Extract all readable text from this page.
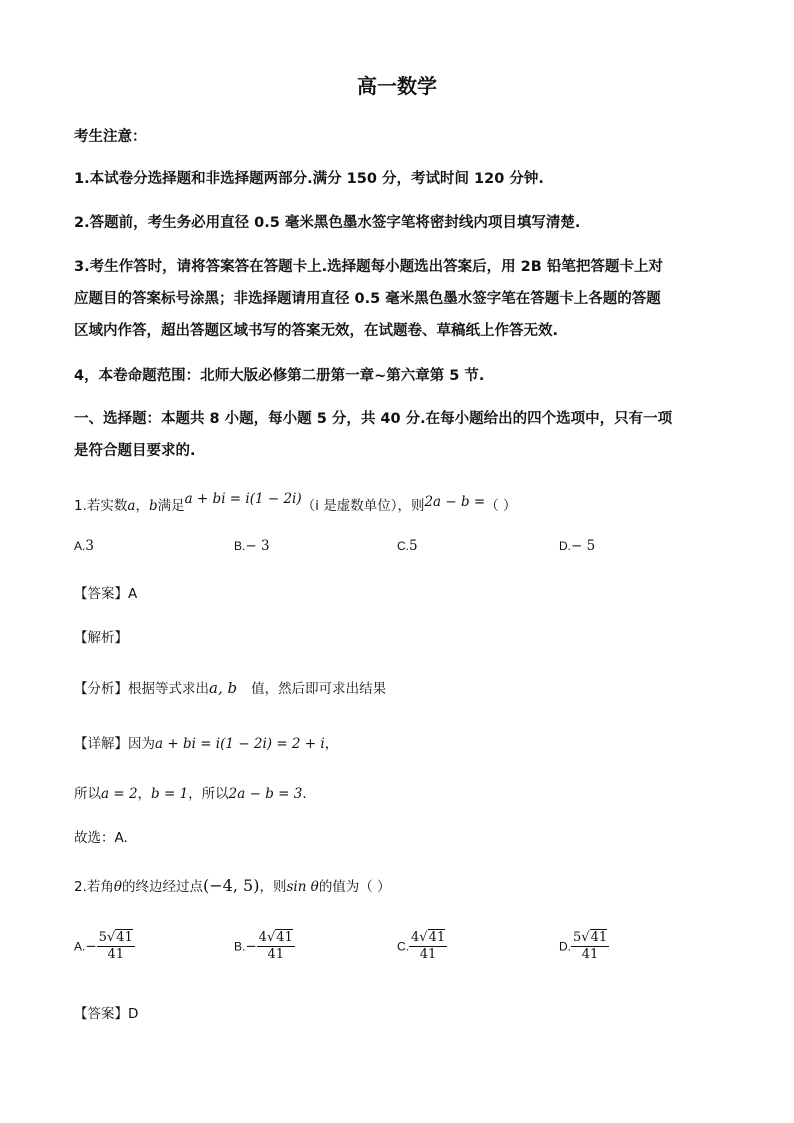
高一数学
考生注意：
1.本试卷分选择题和非选择题两部分.满分 150 分，考试时间 120 分钟.
2.答题前，考生务必用直径 0.5 毫米黑色墨水签字笔将密封线内项目填写清楚.
3.考生作答时，请将答案答在答题卡上.选择题每小题选出答案后，用 2B 铅笔把答题卡上对
应题目的答案标号涂黑；非选择题请用直径 0.5 毫米黑色墨水签字笔在答题卡上各题的答题
区域内作答，超出答题区域书写的答案无效，在试题卷、草稿纸上作答无效.
4，本卷命题范围：北师大版必修第二册第一章~第六章第 5 节.
一、选择题：本题共 8 小题，每小题 5 分，共 40 分.在每小题给出的四个选项中，只有一项
是符合题目要求的.
1.若实数a，b满足a + bi = i(1 − 2i)（i 是虚数单位），则2a − b =（ ）
A.3	B.− 3	C.5	D.− 5
【答案】A
【解析】
【分析】根据等式求出a, b 值，然后即可求出结果
【详解】因为a + bi = i(1 − 2i) = 2 + i，
所以a = 2，b = 1，所以2a − b = 3.
故选：A.
2.若角θ的终边经过点(−4, 5)，则sin θ的值为（ ）
$A.- \frac{5√41}{41}$	$B.- \frac{4√41}{41}$	C. $\frac{4√41}{41}$	D. $\frac{5√41}{41}$
【答案】D
